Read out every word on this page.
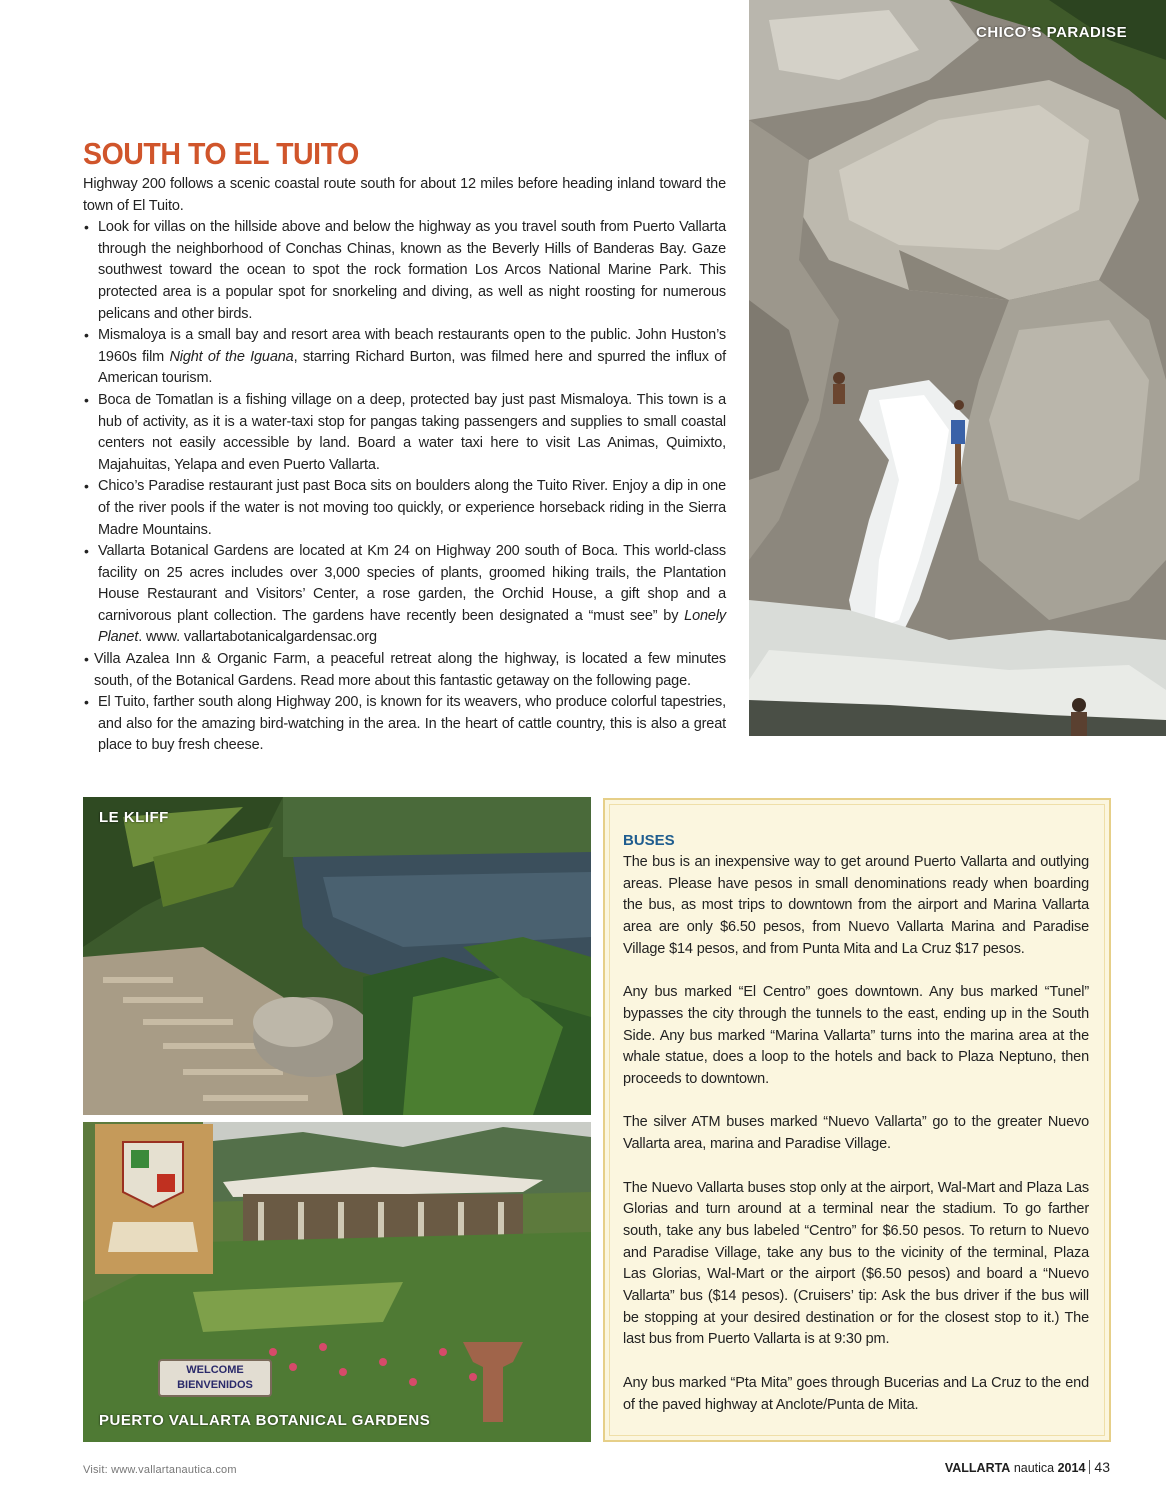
CHICO’S PARADISE
SOUTH TO EL TUITO

Highway 200 follows a scenic coastal route south for about 12 miles before heading inland toward the town of El Tuito.

• Look for villas on the hillside above and below the highway as you travel south from Puerto Vallarta through the neighborhood of Conchas Chinas, known as the Beverly Hills of Banderas Bay. Gaze southwest toward the ocean to spot the rock formation Los Arcos National Marine Park. This protected area is a popular spot for snorkeling and diving, as well as night roosting for numerous pelicans and other birds.
• Mismaloya is a small bay and resort area with beach restaurants open to the public. John Huston’s 1960s film Night of the Iguana, starring Richard Burton, was filmed here and spurred the influx of American tourism.
• Boca de Tomatlan is a fishing village on a deep, protected bay just past Mismaloya. This town is a hub of activity, as it is a water-taxi stop for pangas taking passengers and supplies to small coastal centers not easily accessible by land. Board a water taxi here to visit Las Animas, Quimixto, Majahuitas, Yelapa and even Puerto Vallarta.
• Chico’s Paradise restaurant just past Boca sits on boulders along the Tuito River. Enjoy a dip in one of the river pools if the water is not moving too quickly, or experience horseback riding in the Sierra Madre Mountains.
• Vallarta Botanical Gardens are located at Km 24 on Highway 200 south of Boca. This world-class facility on 25 acres includes over 3,000 species of plants, groomed hiking trails, the Plantation House Restaurant and Visitors’ Center, a rose garden, the Orchid House, a gift shop and a carnivorous plant collection. The gardens have recently been designated a “must see” by Lonely Planet. www. vallartabotanicalgardensac.org
• Villa Azalea Inn & Organic Farm, a peaceful retreat along the highway, is located a few minutes south, of the Botanical Gardens. Read more about this fantastic getaway on the following page.
• El Tuito, farther south along Highway 200, is known for its weavers, who produce colorful tapestries, and also for the amazing bird-watching in the area. In the heart of cattle country, this is also a great place to buy fresh cheese.
LE KLIFF
WELCOME
BIENVENIDOS
PUERTO VALLARTA BOTANICAL GARDENS
BUSES

The bus is an inexpensive way to get around Puerto Vallarta and outlying areas. Please have pesos in small denominations ready when boarding the bus, as most trips to downtown from the airport and Marina Vallarta area are only $6.50 pesos, from Nuevo Vallarta Marina and Paradise Village $14 pesos, and from Punta Mita and La Cruz $17 pesos.

Any bus marked “El Centro” goes downtown. Any bus marked “Tunel” bypasses the city through the tunnels to the east, ending up in the South Side. Any bus marked “Marina Vallarta” turns into the marina area at the whale statue, does a loop to the hotels and back to Plaza Neptuno, then proceeds to downtown.

The silver ATM buses marked “Nuevo Vallarta” go to the greater Nuevo Vallarta area, marina and Paradise Village.

The Nuevo Vallarta buses stop only at the airport, Wal-Mart and Plaza Las Glorias and turn around at a terminal near the stadium. To go farther south, take any bus labeled “Centro” for $6.50 pesos. To return to Nuevo and Paradise Village, take any bus to the vicinity of the terminal, Plaza Las Glorias, Wal-Mart or the airport ($6.50 pesos) and board a “Nuevo Vallarta” bus ($14 pesos). (Cruisers’ tip: Ask the bus driver if the bus will be stopping at your desired destination or for the closest stop to it.) The last bus from Puerto Vallarta is at 9:30 pm.

Any bus marked “Pta Mita” goes through Bucerias and La Cruz to the end of the paved highway at Anclote/Punta de Mita.

Visit: www.vallartanautica.com	VALLARTA nautica 2014 43
